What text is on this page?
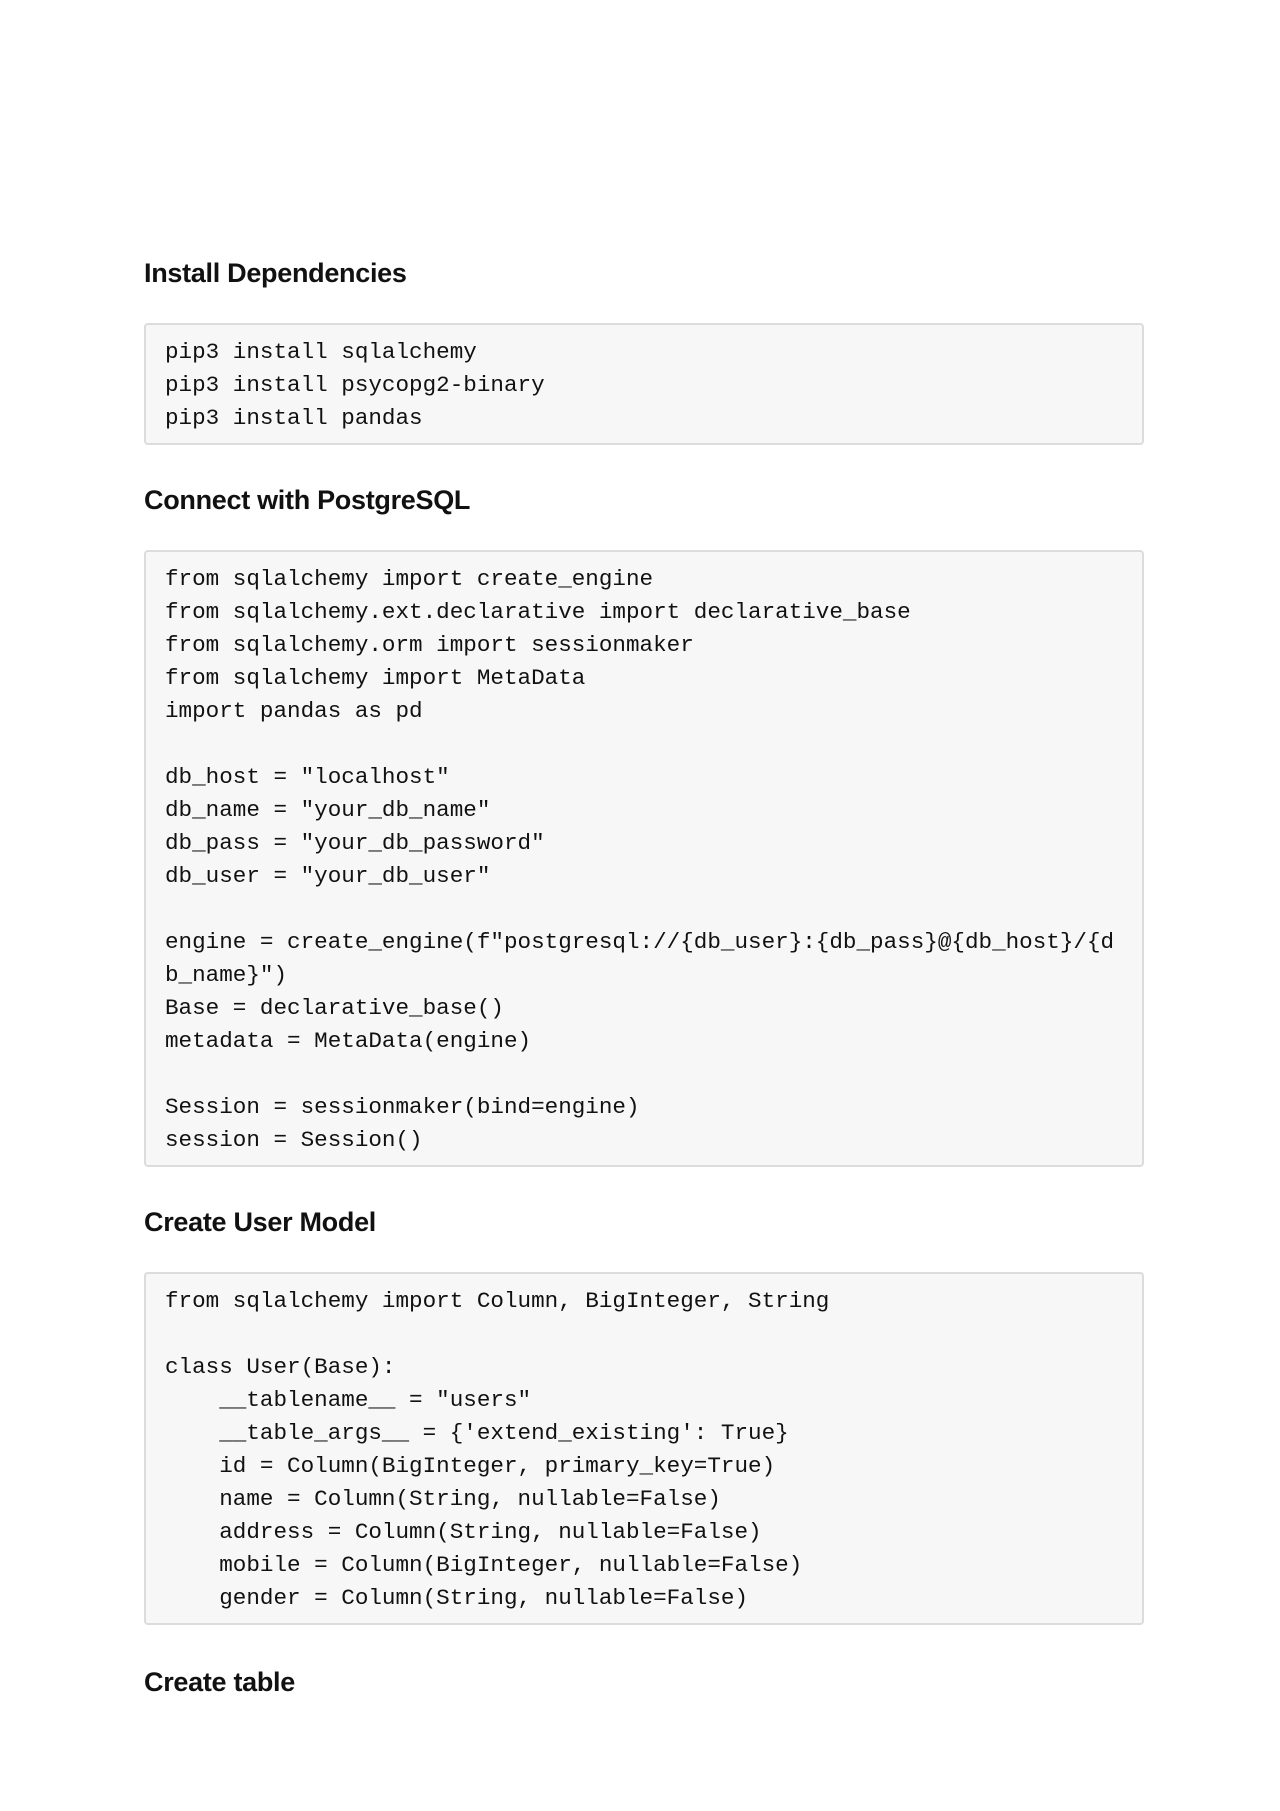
Install Dependencies
pip3 install sqlalchemy
pip3 install psycopg2-binary
pip3 install pandas
Connect with PostgreSQL
from sqlalchemy import create_engine
from sqlalchemy.ext.declarative import declarative_base
from sqlalchemy.orm import sessionmaker
from sqlalchemy import MetaData
import pandas as pd
db_host = "localhost"
db_name = "your_db_name"
db_pass = "your_db_password"
db_user = "your_db_user"
engine = create_engine(f"postgresql://{db_user}:{db_pass}@{db_host}/{d
b_name}")
Base = declarative_base()
metadata = MetaData(engine)
Session = sessionmaker(bind=engine)
session = Session()
Create User Model
from sqlalchemy import Column, BigInteger, String
class User(Base):
__tablename__ = "users"
__table_args__ = {'extend_existing': True}
id = Column(BigInteger, primary_key=True)
name = Column(String, nullable=False)
address = Column(String, nullable=False)
mobile = Column(BigInteger, nullable=False)
gender = Column(String, nullable=False)
Create table
